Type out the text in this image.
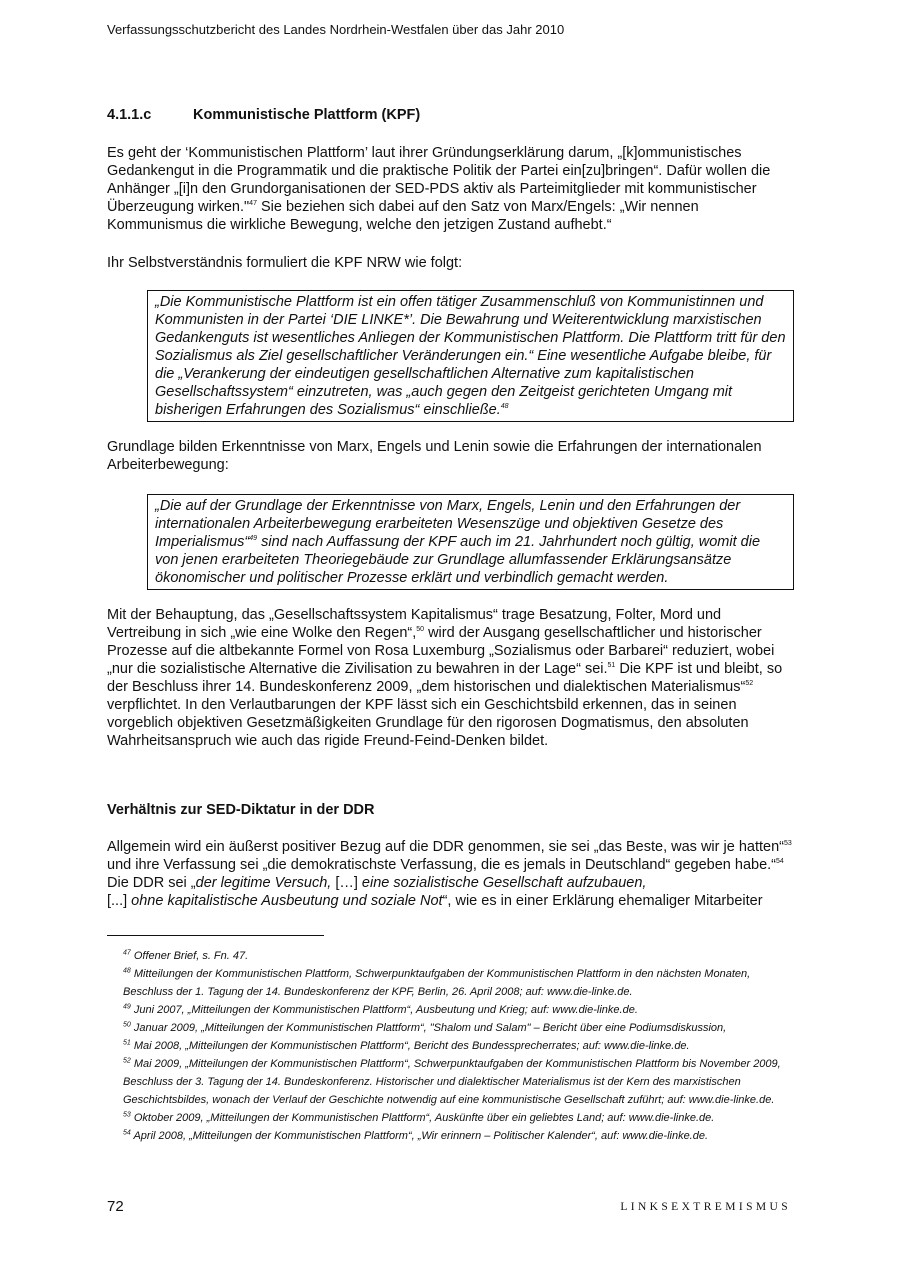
Verfassungsschutzbericht des Landes Nordrhein-Westfalen über das Jahr 2010
4.1.1.c	Kommunistische Plattform (KPF)

Es geht der ‘Kommunistischen Plattform’ laut ihrer Gründungserklärung darum, „[k]ommunistisches Gedankengut in die Programmatik und die praktische Politik der Partei ein[zu]bringen“. Dafür wollen die Anhänger „[i]n den Grundorganisationen der SED-PDS aktiv als Parteimitglieder mit kommunistischer Überzeugung wirken."$^{47}$ Sie beziehen sich dabei auf den Satz von Marx/Engels: „Wir nennen Kommunismus die wirkliche Bewegung, welche den jetzigen Zustand aufhebt.“

Ihr Selbstverständnis formuliert die KPF NRW wie folgt:

„Die Kommunistische Plattform ist ein offen tätiger Zusammenschluß von Kommunistinnen und Kommunisten in der Partei ‘DIE LINKE*’. Die Bewahrung und Weiterentwicklung marxistischen Gedankenguts ist wesentliches Anliegen der Kommunistischen Plattform. Die Plattform tritt für den Sozialismus als Ziel gesellschaftlicher Veränderungen ein.“ Eine wesentliche Aufgabe bleibe, für die „Verankerung der eindeutigen gesellschaftlichen Alternative zum kapitalistischen Gesellschaftssystem“ einzutreten, was „auch gegen den Zeitgeist gerichteten Umgang mit bisherigen Erfahrungen des Sozialismus“ einschließe.$^{48}$

Grundlage bilden Erkenntnisse von Marx, Engels und Lenin sowie die Erfahrungen der internationalen Arbeiterbewegung:

„Die auf der Grundlage der Erkenntnisse von Marx, Engels, Lenin und den Erfahrungen der internationalen Arbeiterbewegung erarbeiteten Wesenszüge und objektiven Gesetze des Imperialismus“$^{49}$ sind nach Auffassung der KPF auch im 21. Jahrhundert noch gültig, womit die von jenen erarbeiteten Theoriegebäude zur Grundlage allumfassender Erklärungsansätze ökonomischer und politischer Prozesse erklärt und verbindlich gemacht werden.

Mit der Behauptung, das „Gesellschaftssystem Kapitalismus“ trage Besatzung, Folter, Mord und Vertreibung in sich „wie eine Wolke den Regen“,$^{50}$ wird der Ausgang gesellschaftlicher und historischer Prozesse auf die altbekannte Formel von Rosa Luxemburg „Sozialismus oder Barbarei“ reduziert, wobei „nur die sozialistische Alternative die Zivilisation zu bewahren in der Lage“ sei.$^{51}$ Die KPF ist und bleibt, so der Beschluss ihrer 14. Bundeskonferenz 2009, „dem historischen und dialektischen Materialismus“$^{52}$ verpflichtet. In den Verlautbarungen der KPF lässt sich ein Geschichtsbild erkennen, das in seinen vorgeblich objektiven Gesetzmäßigkeiten Grundlage für den rigorosen Dogmatismus, den absoluten Wahrheitsanspruch wie auch das rigide Freund-Feind-Denken bildet.

Verhältnis zur SED-Diktatur in der DDR

Allgemein wird ein äußerst positiver Bezug auf die DDR genommen, sie sei „das Beste, was wir je hatten“$^{53}$ und ihre Verfassung sei „die demokratischste Verfassung, die es jemals in Deutschland“ gegeben habe.“$^{54}$ Die DDR sei „der legitime Versuch, […] eine sozialistische Gesellschaft aufzubauen,
[...] ohne kapitalistische Ausbeutung und soziale Not“, wie es in einer Erklärung ehemaliger Mitarbeiter

$^{47}$ Offener Brief, s. Fn. 47.

$^{48}$ Mitteilungen der Kommunistischen Plattform, Schwerpunktaufgaben der Kommunistischen Plattform in den nächsten Monaten, Beschluss der 1. Tagung der 14. Bundeskonferenz der KPF, Berlin, 26. April 2008; auf: www.die-linke.de.

$^{49}$ Juni 2007, „Mitteilungen der Kommunistischen Plattform“, Ausbeutung und Krieg; auf: www.die-linke.de.

$^{50}$ Januar 2009, „Mitteilungen der Kommunistischen Plattform“, "Shalom und Salam" – Bericht über eine Podiumsdiskussion,

$^{51}$ Mai 2008, „Mitteilungen der Kommunistischen Plattform“, Bericht des Bundessprecherrates; auf: www.die-linke.de.

$^{52}$ Mai 2009, „Mitteilungen der Kommunistischen Plattform“, Schwerpunktaufgaben der Kommunistischen Plattform bis November 2009, Beschluss der 3. Tagung der 14. Bundeskonferenz. Historischer und dialektischer Materialismus ist der Kern des marxistischen Geschichtsbildes, wonach der Verlauf der Geschichte notwendig auf eine kommunistische Gesellschaft zuführt; auf: www.die-linke.de.

$^{53}$ Oktober 2009, „Mitteilungen der Kommunistischen Plattform“, Auskünfte über ein geliebtes Land; auf: www.die-linke.de.

$^{54}$ April 2008, „Mitteilungen der Kommunistischen Plattform“, „Wir erinnern – Politischer Kalender“, auf: www.die-linke.de.

72	LINKSEXTREMISMUS
